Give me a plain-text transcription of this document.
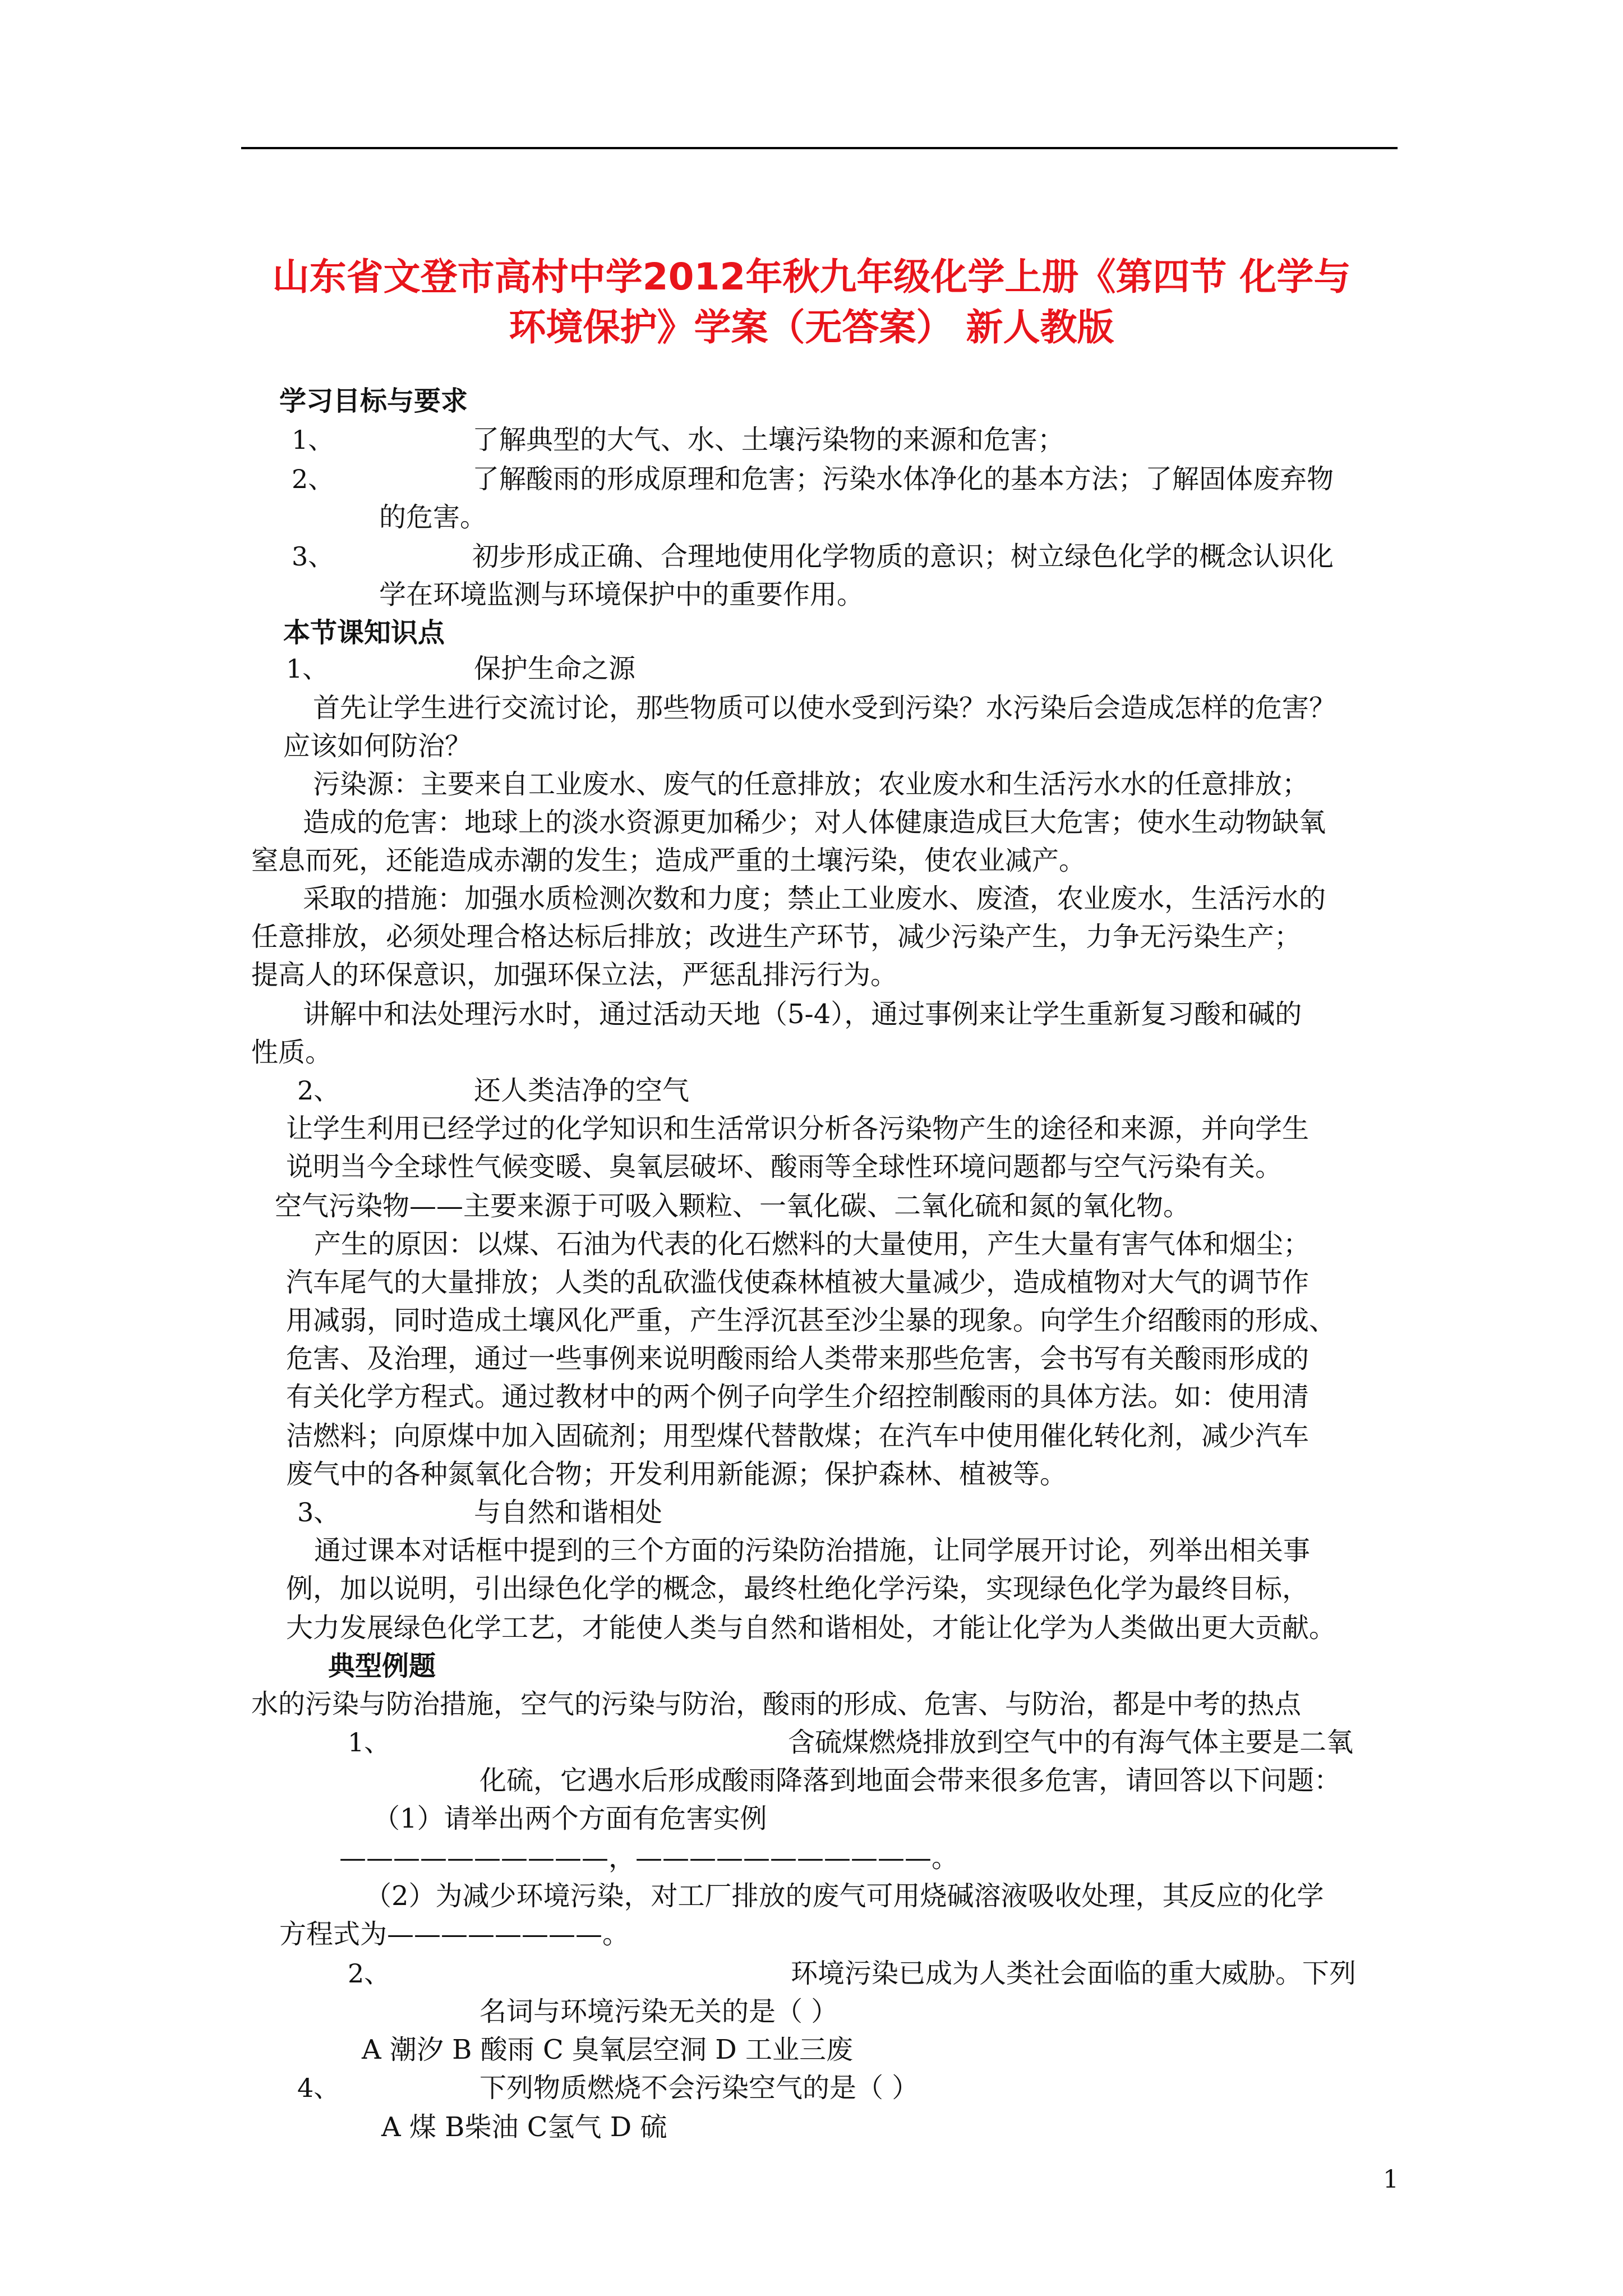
山东省文登市高村中学2012年秋九年级化学上册《第四节 化学与
环境保护》学案（无答案） 新人教版
学习目标与要求
1、	了解典型的大气、水、土壤污染物的来源和危害；
2、	了解酸雨的形成原理和危害；污染水体净化的基本方法；了解固体废弃物
的危害。
3、	初步形成正确、合理地使用化学物质的意识；树立绿色化学的概念认识化
学在环境监测与环境保护中的重要作用。
本节课知识点
1、	保护生命之源
首先让学生进行交流讨论，那些物质可以使水受到污染？水污染后会造成怎样的危害？
应该如何防治？
污染源：主要来自工业废水、废气的任意排放；农业废水和生活污水水的任意排放；
造成的危害：地球上的淡水资源更加稀少；对人体健康造成巨大危害；使水生动物缺氧
窒息而死，还能造成赤潮的发生；造成严重的土壤污染，使农业减产。
采取的措施：加强水质检测次数和力度；禁止工业废水、废渣，农业废水，生活污水的
任意排放，必须处理合格达标后排放；改进生产环节，减少污染产生，力争无污染生产；
提高人的环保意识，加强环保立法，严惩乱排污行为。
讲解中和法处理污水时，通过活动天地（5-4），通过事例来让学生重新复习酸和碱的
性质。
2、	还人类洁净的空气
让学生利用已经学过的化学知识和生活常识分析各污染物产生的途径和来源，并向学生
说明当今全球性气候变暖、臭氧层破坏、酸雨等全球性环境问题都与空气污染有关。
空气污染物——主要来源于可吸入颗粒、一氧化碳、二氧化硫和氮的氧化物。
产生的原因：以煤、石油为代表的化石燃料的大量使用，产生大量有害气体和烟尘；
汽车尾气的大量排放；人类的乱砍滥伐使森林植被大量减少，造成植物对大气的调节作
用减弱，同时造成土壤风化严重，产生浮沉甚至沙尘暴的现象。向学生介绍酸雨的形成、
危害、及治理，通过一些事例来说明酸雨给人类带来那些危害，会书写有关酸雨形成的
有关化学方程式。通过教材中的两个例子向学生介绍控制酸雨的具体方法。如：使用清
洁燃料；向原煤中加入固硫剂；用型煤代替散煤；在汽车中使用催化转化剂，减少汽车
废气中的各种氮氧化合物；开发利用新能源；保护森林、植被等。
3、	与自然和谐相处
通过课本对话框中提到的三个方面的污染防治措施，让同学展开讨论，列举出相关事
例，加以说明，引出绿色化学的概念，最终杜绝化学污染，实现绿色化学为最终目标，
大力发展绿色化学工艺，才能使人类与自然和谐相处，才能让化学为人类做出更大贡献。
典型例题
水的污染与防治措施，空气的污染与防治，酸雨的形成、危害、与防治，都是中考的热点
1、	含硫煤燃烧排放到空气中的有海气体主要是二氧
化硫，它遇水后形成酸雨降落到地面会带来很多危害，请回答以下问题：
（1）请举出两个方面有危害实例
——————————，———————————。
（2）为减少环境污染，对工厂排放的废气可用烧碱溶液吸收处理，其反应的化学
方程式为————————。
2、	环境污染已成为人类社会面临的重大威胁。下列
名词与环境污染无关的是（ ）
A 潮汐 B 酸雨 C 臭氧层空洞 D 工业三废
4、	下列物质燃烧不会污染空气的是（ ）
A 煤 B柴油 C氢气 D 硫
1
